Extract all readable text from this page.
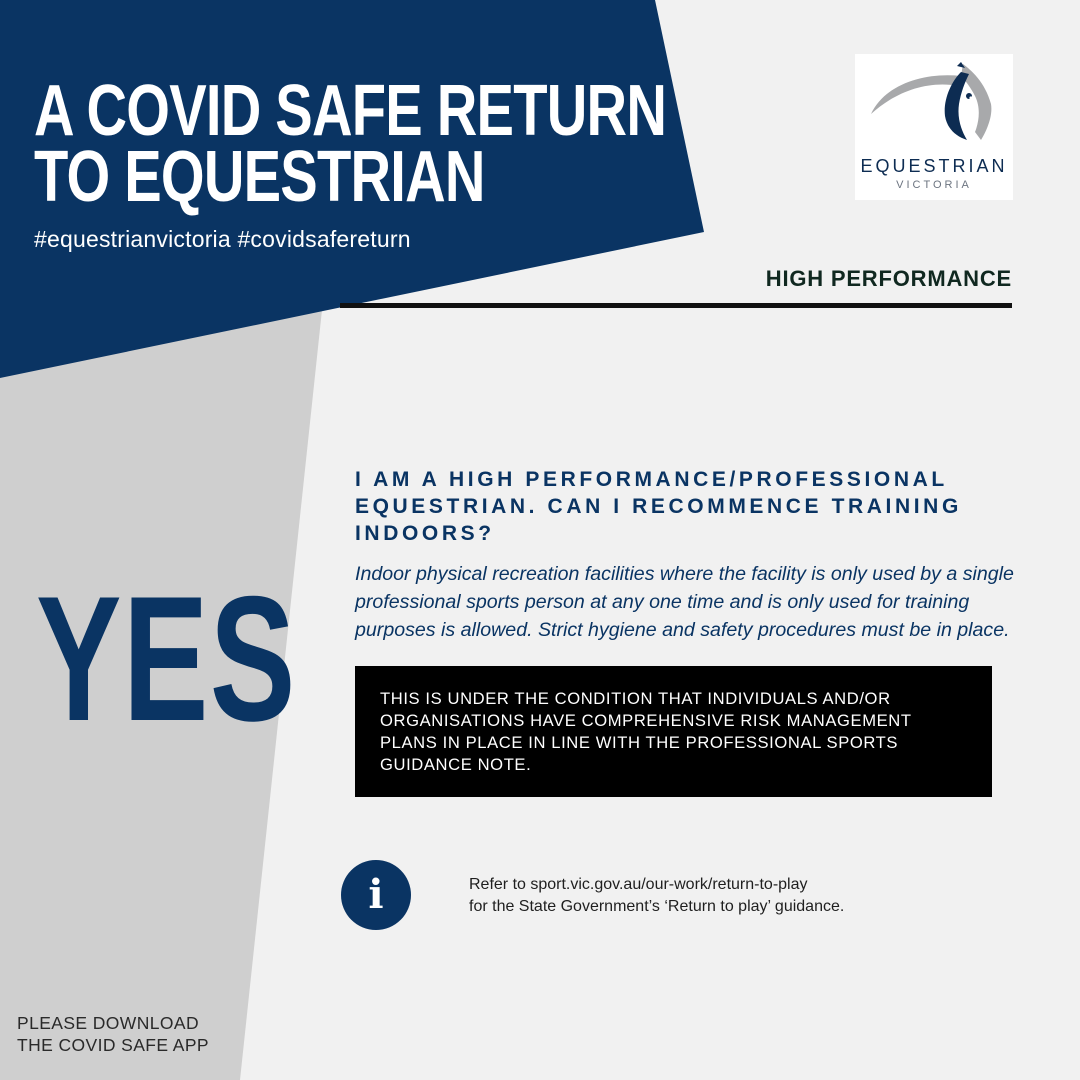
A COVID SAFE RETURN
TO EQUESTRIAN
#equestrianvictoria #covidsafereturn
EQUESTRIAN
VICTORIA
HIGH PERFORMANCE
YES
I AM A HIGH PERFORMANCE/PROFESSIONAL EQUESTRIAN. CAN I RECOMMENCE TRAINING INDOORS?

Indoor physical recreation facilities where the facility is only used by a single professional sports person at any one time and is only used for training purposes is allowed. Strict hygiene and safety procedures must be in place.

THIS IS UNDER THE CONDITION THAT INDIVIDUALS AND/OR ORGANISATIONS HAVE COMPREHENSIVE RISK MANAGEMENT PLANS IN PLACE IN LINE WITH THE PROFESSIONAL SPORTS GUIDANCE NOTE.

i	Refer to sport.vic.gov.au/our-work/return-to-play
for the State Government’s ‘Return to play’ guidance.
PLEASE DOWNLOAD
THE COVID SAFE APP
